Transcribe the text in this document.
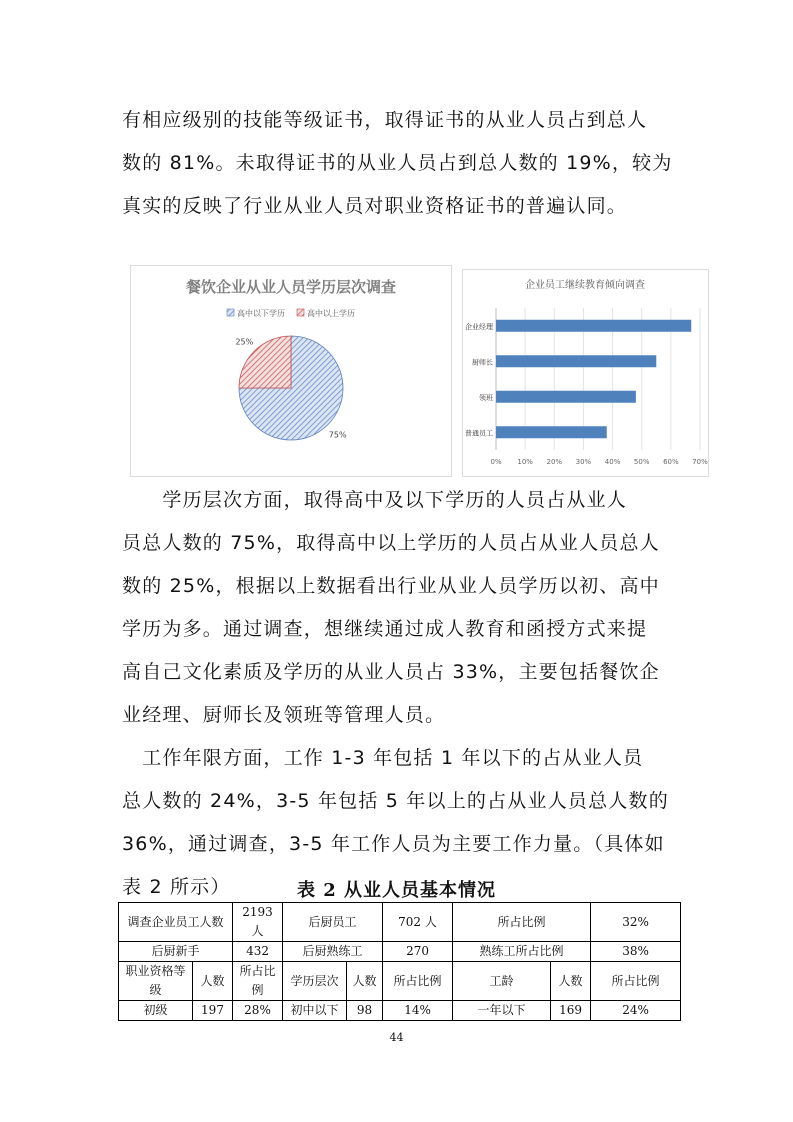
有相应级别的技能等级证书，取得证书的从业人员占到总人
数的 81%。未取得证书的从业人员占到总人数的 19%，较为
真实的反映了行业从业人员对职业资格证书的普遍认同。
餐饮企业从业人员学历层次调查
高中以下学历	高中以上学历
75%
25%
企业员工继续教育倾向调查
0% 10% 20% 30% 40% 50% 60% 70%
企业经理
厨师长
领班
普通员工
　　学历层次方面，取得高中及以下学历的人员占从业人
员总人数的 75%，取得高中以上学历的人员占从业人员总人
数的 25%，根据以上数据看出行业从业人员学历以初、高中
学历为多。通过调查，想继续通过成人教育和函授方式来提
高自己文化素质及学历的从业人员占 33%，主要包括餐饮企
业经理、厨师长及领班等管理人员。
　工作年限方面，工作 1-3 年包括 1 年以下的占从业人员
总人数的 24%，3-5 年包括 5 年以上的占从业人员总人数的
36%，通过调查，3-5 年工作人员为主要工作力量。（具体如
表 2 所示）	表 2 从业人员基本情况
调查企业员工人数		2193 人	后厨员工		702 人	所占比例		32%
后厨新手		432	后厨熟练工		270	熟练工所占比例		38%
职业资格等级	人数	所占比例	学历层次	人数	所占比例	工龄	人数	所占比例
初级	197	28%	初中以下	98	14%	一年以下	169	24%
44
